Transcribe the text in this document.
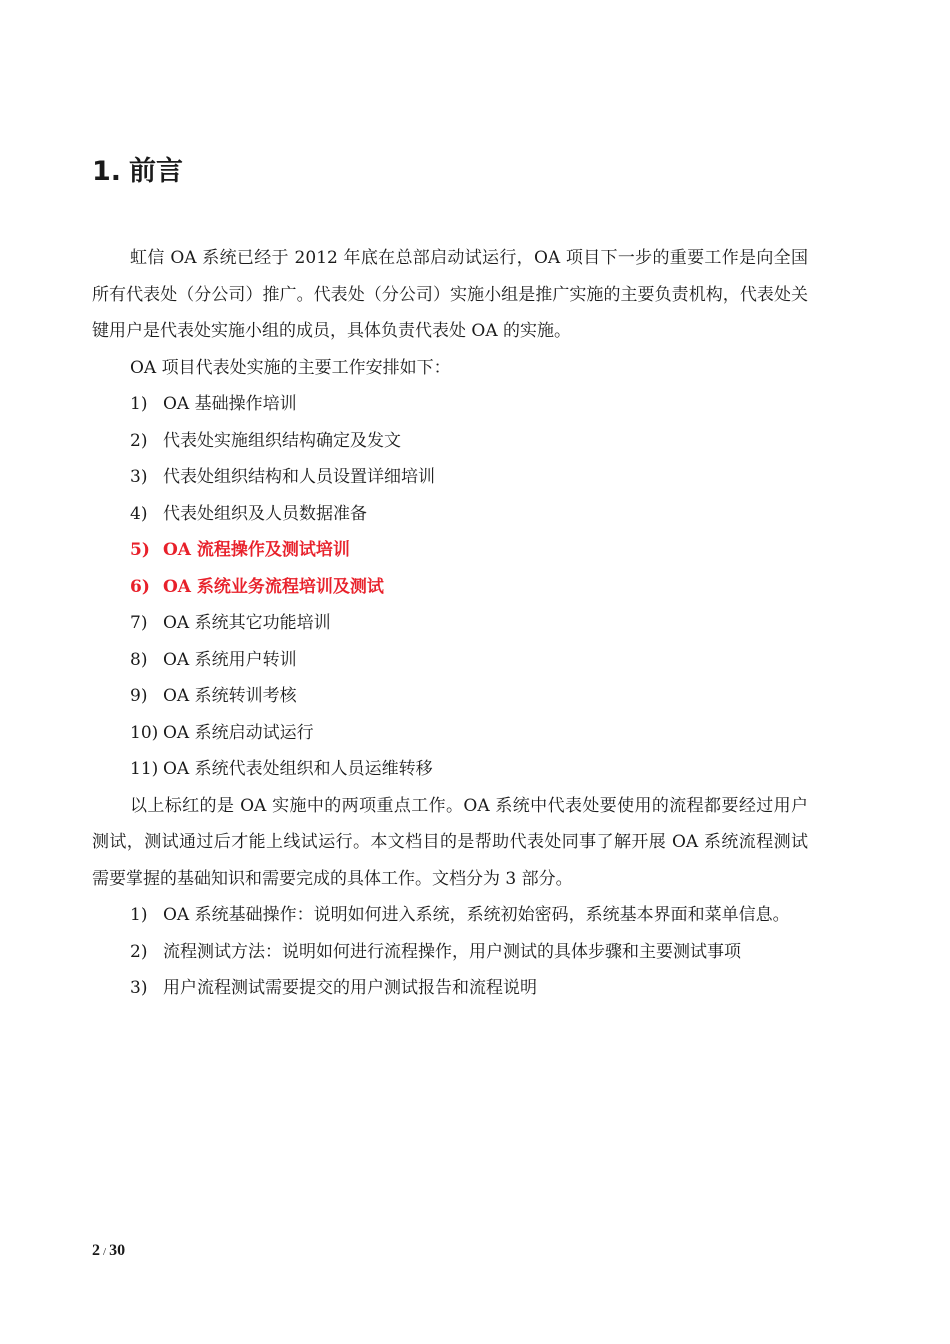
1. 前言

虹信 OA 系统已经于 2012 年底在总部启动试运行，OA 项目下一步的重要工作是向全国所有代表处（分公司）推广。代表处（分公司）实施小组是推广实施的主要负责机构，代表处关键用户是代表处实施小组的成员，具体负责代表处 OA 的实施。

OA 项目代表处实施的主要工作安排如下：

1) OA 基础操作培训
2) 代表处实施组织结构确定及发文
3) 代表处组织结构和人员设置详细培训
4) 代表处组织及人员数据准备
5) OA 流程操作及测试培训
6) OA 系统业务流程培训及测试
7) OA 系统其它功能培训
8) OA 系统用户转训
9) OA 系统转训考核
10) OA 系统启动试运行
11) OA 系统代表处组织和人员运维转移

以上标红的是 OA 实施中的两项重点工作。OA 系统中代表处要使用的流程都要经过用户测试，测试通过后才能上线试运行。本文档目的是帮助代表处同事了解开展 OA 系统流程测试需要掌握的基础知识和需要完成的具体工作。文档分为 3 部分。

1) OA 系统基础操作：说明如何进入系统，系统初始密码，系统基本界面和菜单信息。
2) 流程测试方法：说明如何进行流程操作，用户测试的具体步骤和主要测试事项
3) 用户流程测试需要提交的用户测试报告和流程说明
2 / 30
